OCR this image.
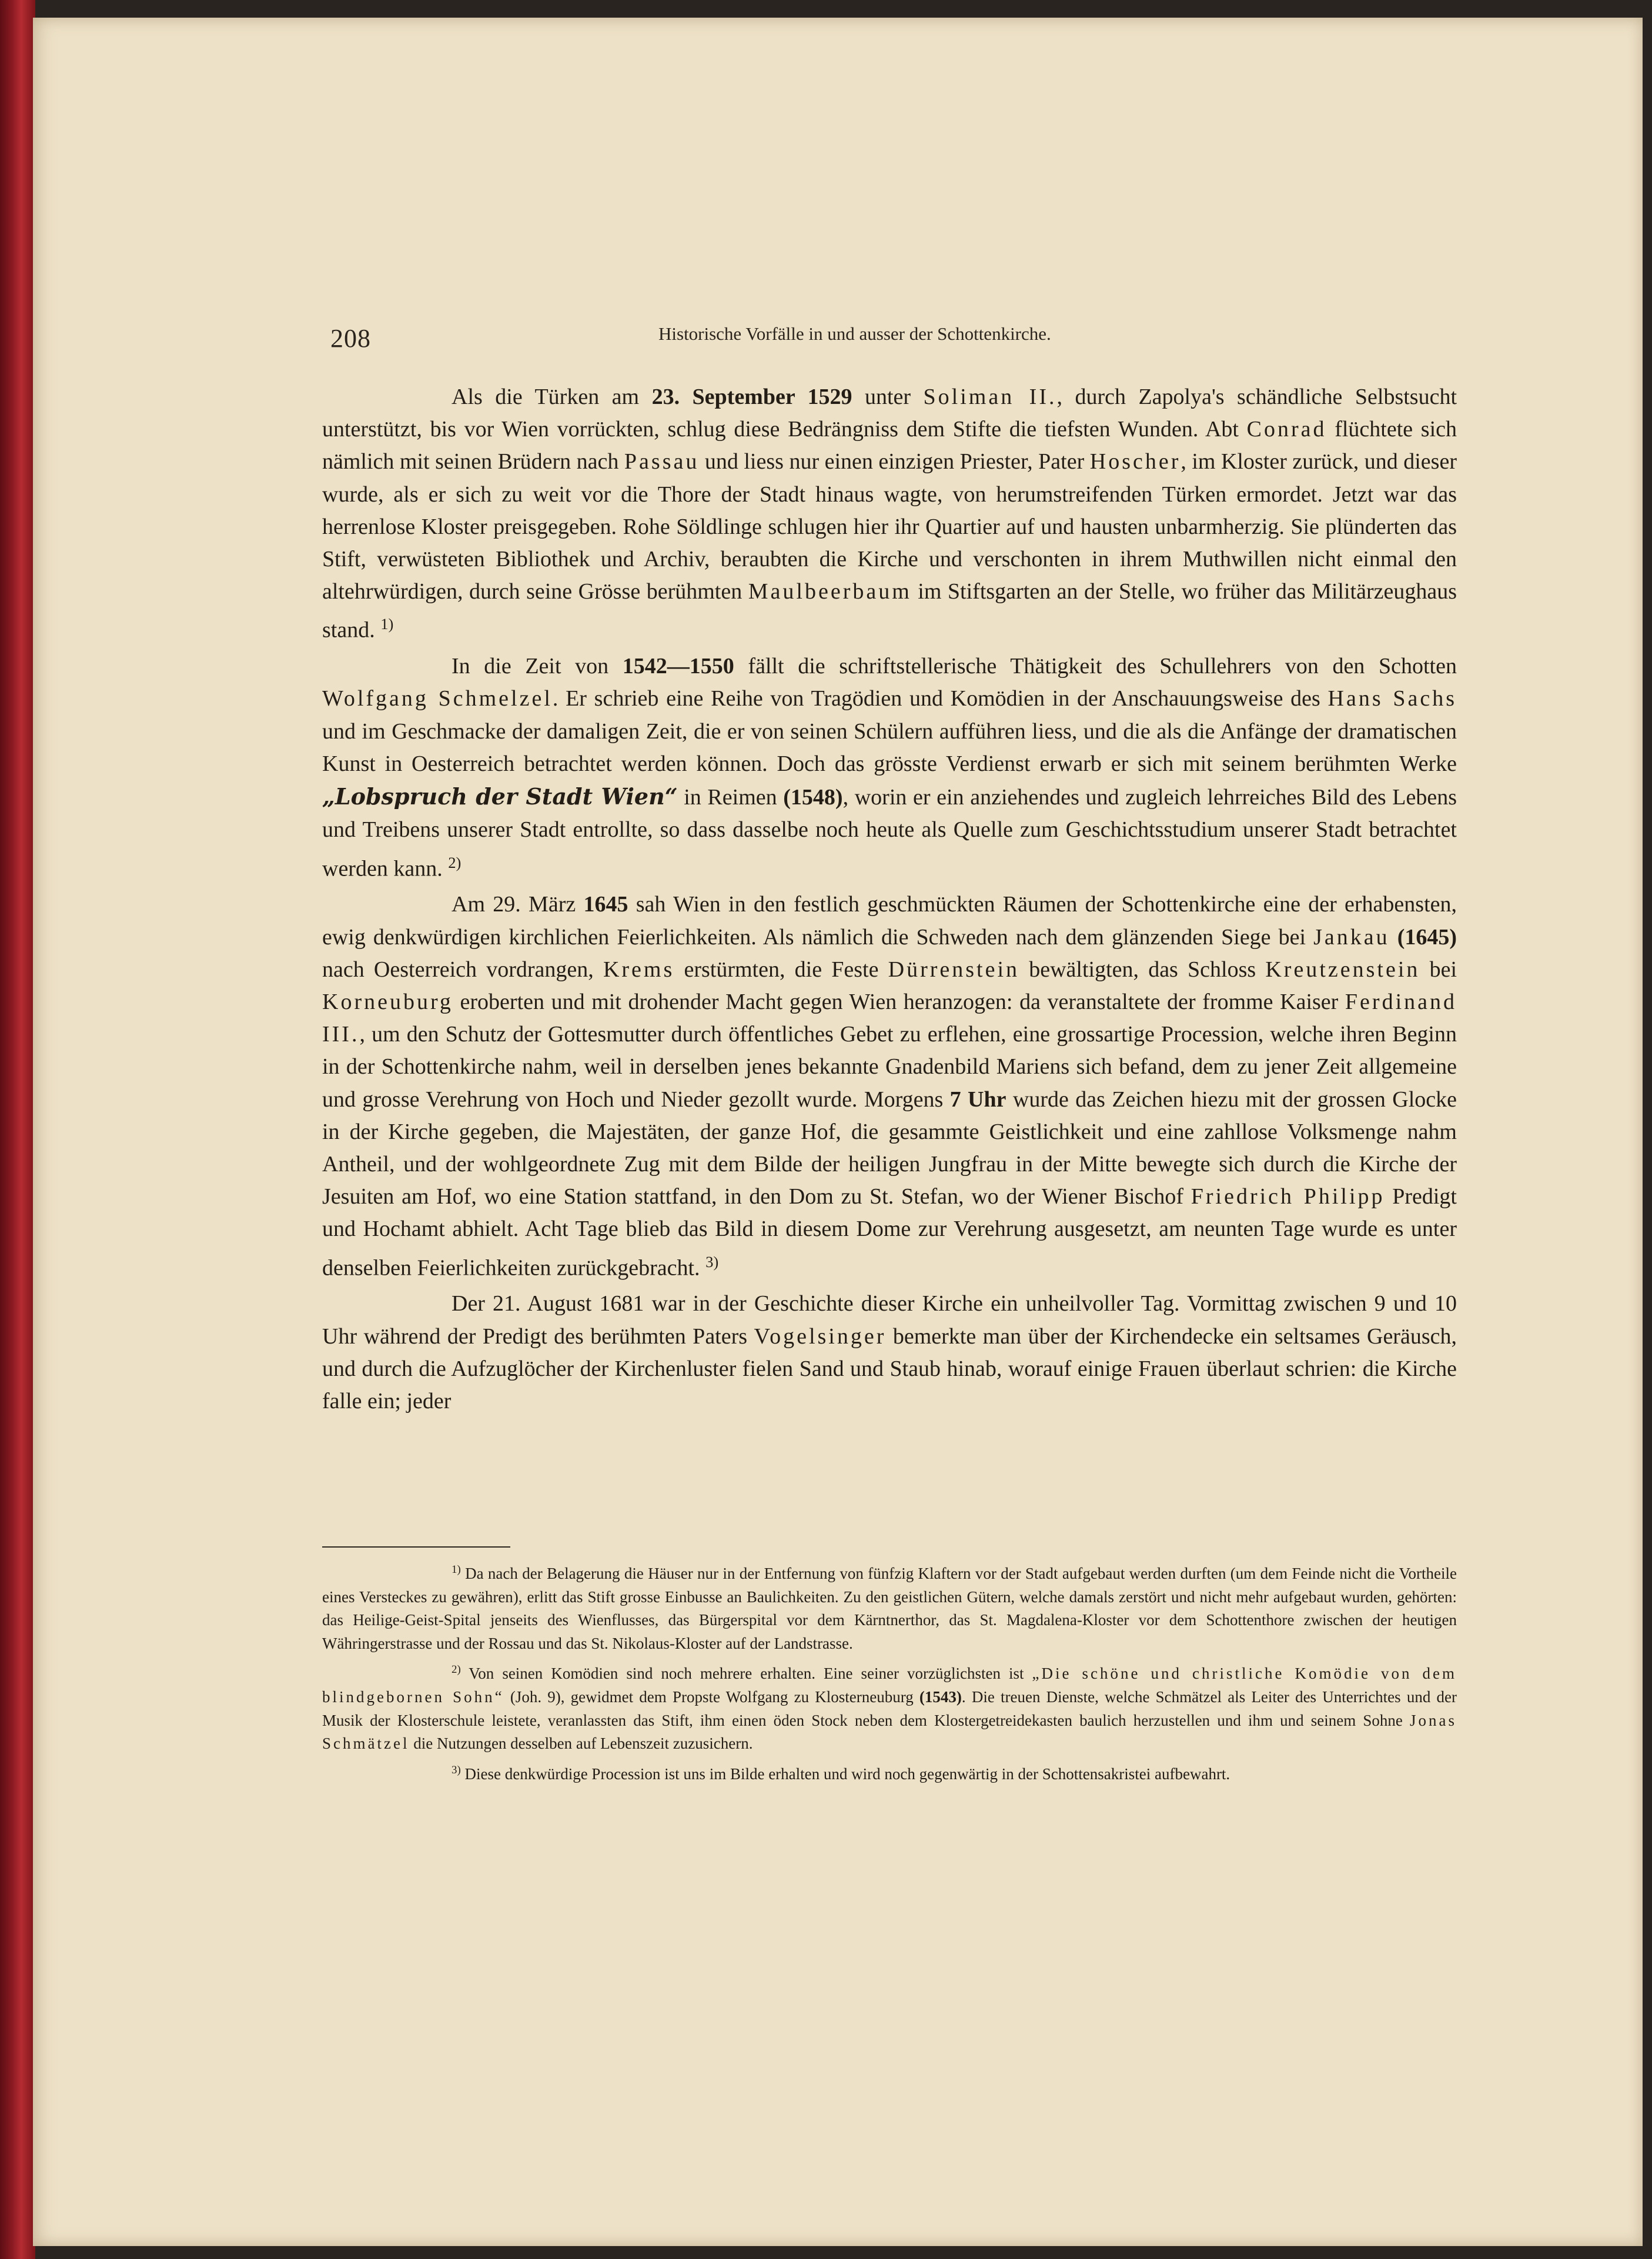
208	Historische Vorfälle in und ausser der Schottenkirche.

Als die Türken am 23. September 1529 unter Soliman II., durch Zapolya's schändliche Selbstsucht unterstützt, bis vor Wien vorrückten, schlug diese Bedrängniss dem Stifte die tiefsten Wunden. Abt Conrad flüchtete sich nämlich mit seinen Brüdern nach Passau und liess nur einen einzigen Priester, Pater Hoscher, im Kloster zurück, und dieser wurde, als er sich zu weit vor die Thore der Stadt hinaus wagte, von herumstreifenden Türken ermordet. Jetzt war das herrenlose Kloster preisgegeben. Rohe Söldlinge schlugen hier ihr Quartier auf und hausten unbarmherzig. Sie plünderten das Stift, verwüsteten Bibliothek und Archiv, beraubten die Kirche und verschonten in ihrem Muthwillen nicht einmal den altehrwürdigen, durch seine Grösse berühmten Maulbeerbaum im Stiftsgarten an der Stelle, wo früher das Militärzeughaus stand. $^{1)}$

In die Zeit von 1542—1550 fällt die schriftstellerische Thätigkeit des Schullehrers von den Schotten Wolfgang Schmelzel. Er schrieb eine Reihe von Tragödien und Komödien in der Anschauungsweise des Hans Sachs und im Geschmacke der damaligen Zeit, die er von seinen Schülern aufführen liess, und die als die Anfänge der dramatischen Kunst in Oesterreich betrachtet werden können. Doch das grösste Verdienst erwarb er sich mit seinem berühmten Werke „Lobspruch der Stadt Wien“ in Reimen (1548), worin er ein anziehendes und zugleich lehrreiches Bild des Lebens und Treibens unserer Stadt entrollte, so dass dasselbe noch heute als Quelle zum Geschichtsstudium unserer Stadt betrachtet werden kann. $^{2)}$

Am 29. März 1645 sah Wien in den festlich geschmückten Räumen der Schottenkirche eine der erhabensten, ewig denkwürdigen kirchlichen Feierlichkeiten. Als nämlich die Schweden nach dem glänzenden Siege bei Jankau (1645) nach Oesterreich vordrangen, Krems erstürmten, die Feste Dürrenstein bewältigten, das Schloss Kreutzenstein bei Korneuburg eroberten und mit drohender Macht gegen Wien heranzogen: da veranstaltete der fromme Kaiser Ferdinand III., um den Schutz der Gottesmutter durch öffentliches Gebet zu erflehen, eine grossartige Procession, welche ihren Beginn in der Schottenkirche nahm, weil in derselben jenes bekannte Gnadenbild Mariens sich befand, dem zu jener Zeit allgemeine und grosse Verehrung von Hoch und Nieder gezollt wurde. Morgens 7 Uhr wurde das Zeichen hiezu mit der grossen Glocke in der Kirche gegeben, die Majestäten, der ganze Hof, die gesammte Geistlichkeit und eine zahllose Volksmenge nahm Antheil, und der wohlgeordnete Zug mit dem Bilde der heiligen Jungfrau in der Mitte bewegte sich durch die Kirche der Jesuiten am Hof, wo eine Station stattfand, in den Dom zu St. Stefan, wo der Wiener Bischof Friedrich Philipp Predigt und Hochamt abhielt. Acht Tage blieb das Bild in diesem Dome zur Verehrung ausgesetzt, am neunten Tage wurde es unter denselben Feierlichkeiten zurückgebracht. $^{3)}$

Der 21. August 1681 war in der Geschichte dieser Kirche ein unheilvoller Tag. Vormittag zwischen 9 und 10 Uhr während der Predigt des berühmten Paters Vogelsinger bemerkte man über der Kirchendecke ein seltsames Geräusch, und durch die Aufzuglöcher der Kirchenluster fielen Sand und Staub hinab, worauf einige Frauen überlaut schrien: die Kirche falle ein; jeder

$^{1)}$ Da nach der Belagerung die Häuser nur in der Entfernung von fünfzig Klaftern vor der Stadt aufgebaut werden durften (um dem Feinde nicht die Vortheile eines Versteckes zu gewähren), erlitt das Stift grosse Einbusse an Baulichkeiten. Zu den geistlichen Gütern, welche damals zerstört und nicht mehr aufgebaut wurden, gehörten: das Heilige-Geist-Spital jenseits des Wienflusses, das Bürgerspital vor dem Kärntnerthor, das St. Magdalena-Kloster vor dem Schottenthore zwischen der heutigen Währingerstrasse und der Rossau und das St. Nikolaus-Kloster auf der Landstrasse.

$^{2)}$ Von seinen Komödien sind noch mehrere erhalten. Eine seiner vorzüglichsten ist „Die schöne und christliche Komödie von dem blindgebornen Sohn“ (Joh. 9), gewidmet dem Propste Wolfgang zu Klosterneuburg (1543). Die treuen Dienste, welche Schmätzel als Leiter des Unterrichtes und der Musik der Klosterschule leistete, veranlassten das Stift, ihm einen öden Stock neben dem Klostergetreidekasten baulich herzustellen und ihm und seinem Sohne Jonas Schmätzel die Nutzungen desselben auf Lebenszeit zuzusichern.

$^{3)}$ Diese denkwürdige Procession ist uns im Bilde erhalten und wird noch gegenwärtig in der Schottensakristei aufbewahrt.
